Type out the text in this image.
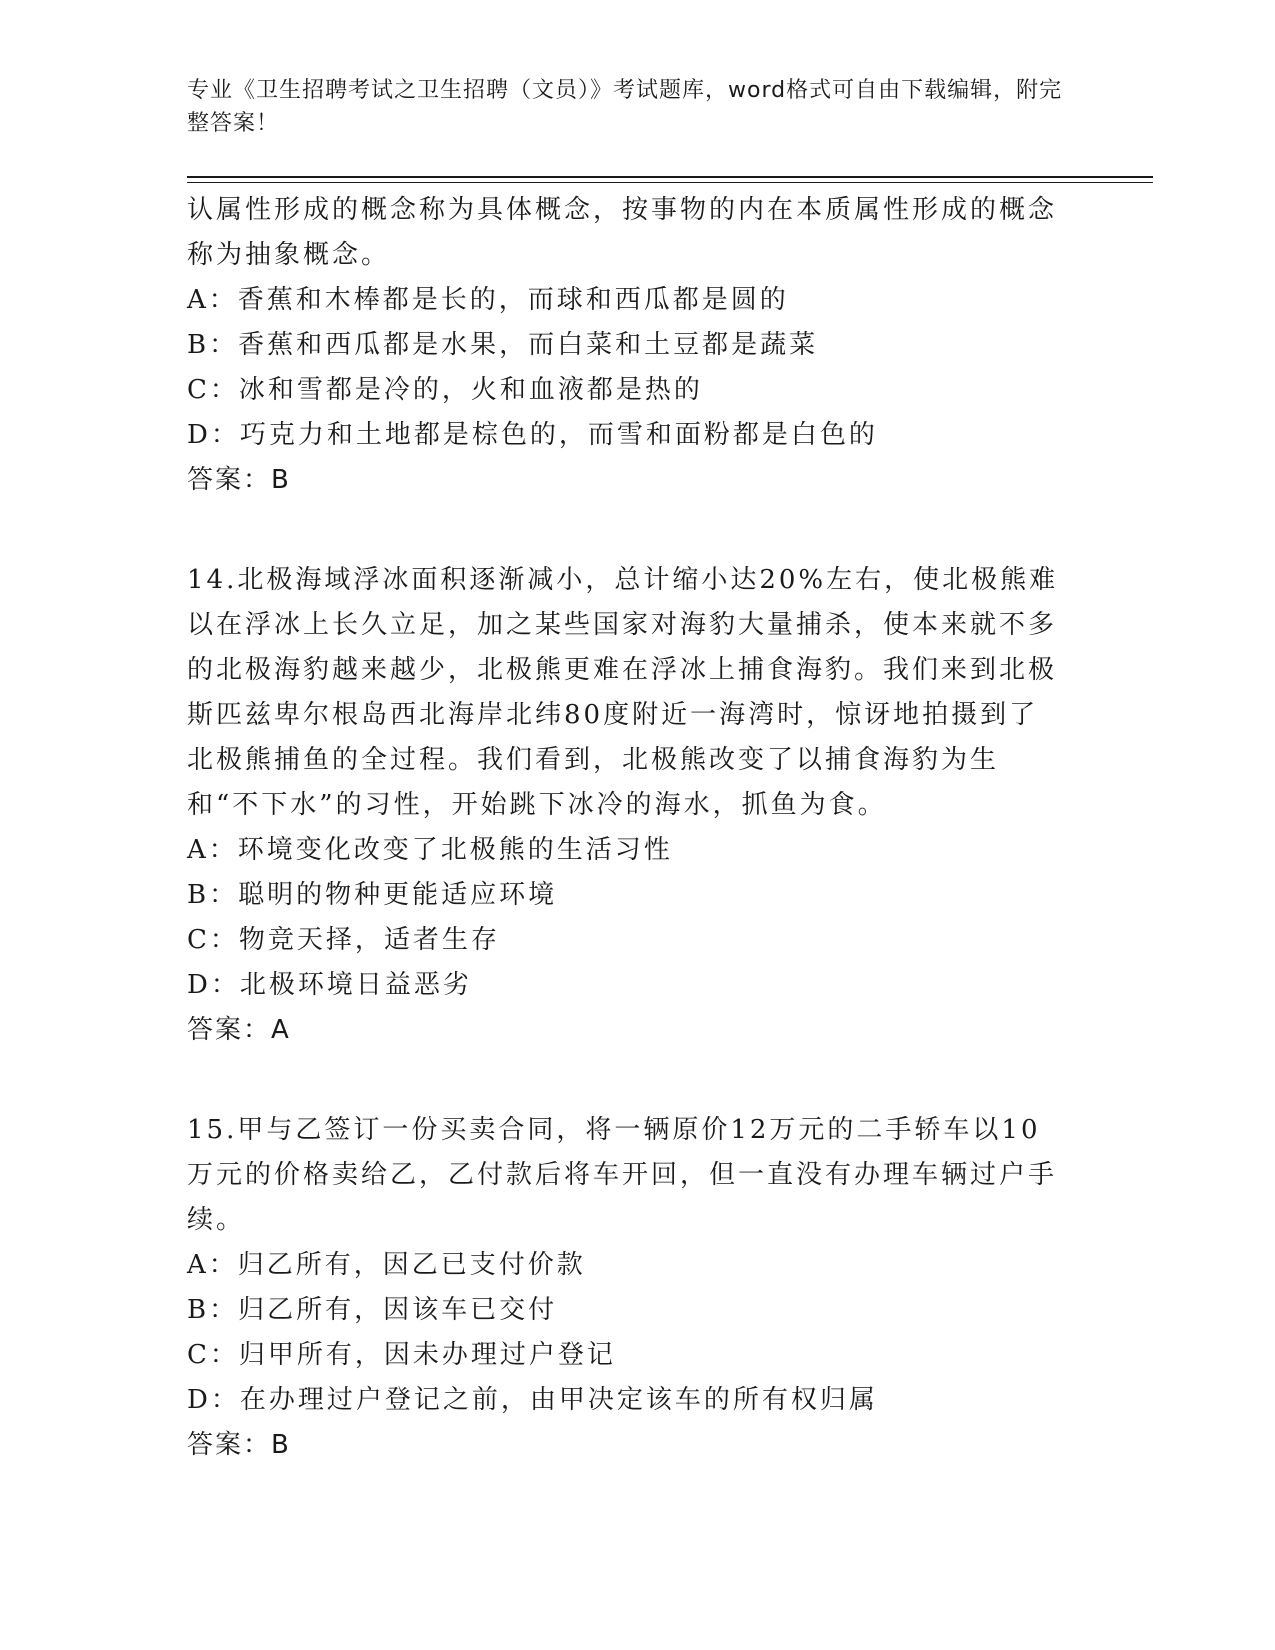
专业《卫生招聘考试之卫生招聘（文员）》考试题库，word格式可自由下载编辑，附完整答案！
认属性形成的概念称为具体概念，按事物的内在本质属性形成的概念
称为抽象概念。
A：香蕉和木棒都是长的，而球和西瓜都是圆的
B：香蕉和西瓜都是水果，而白菜和土豆都是蔬菜
C：冰和雪都是冷的，火和血液都是热的
D：巧克力和土地都是棕色的，而雪和面粉都是白色的
答案：B
14.北极海域浮冰面积逐渐减小，总计缩小达20%左右，使北极熊难以在浮冰上长久立足，加之某些国家对海豹大量捕杀，使本来就不多的北极海豹越来越少，北极熊更难在浮冰上捕食海豹。我们来到北极斯匹兹卑尔根岛西北海岸北纬80度附近一海湾时，惊讶地拍摄到了北极熊捕鱼的全过程。我们看到，北极熊改变了以捕食海豹为生和“不下水”的习性，开始跳下冰冷的海水，抓鱼为食。
A：环境变化改变了北极熊的生活习性
B：聪明的物种更能适应环境
C：物竞天择，适者生存
D：北极环境日益恶劣
答案：A
15.甲与乙签订一份买卖合同，将一辆原价12万元的二手轿车以10万元的价格卖给乙，乙付款后将车开回，但一直没有办理车辆过户手续。
A：归乙所有，因乙已支付价款
B：归乙所有，因该车已交付
C：归甲所有，因未办理过户登记
D：在办理过户登记之前，由甲决定该车的所有权归属
答案：B
